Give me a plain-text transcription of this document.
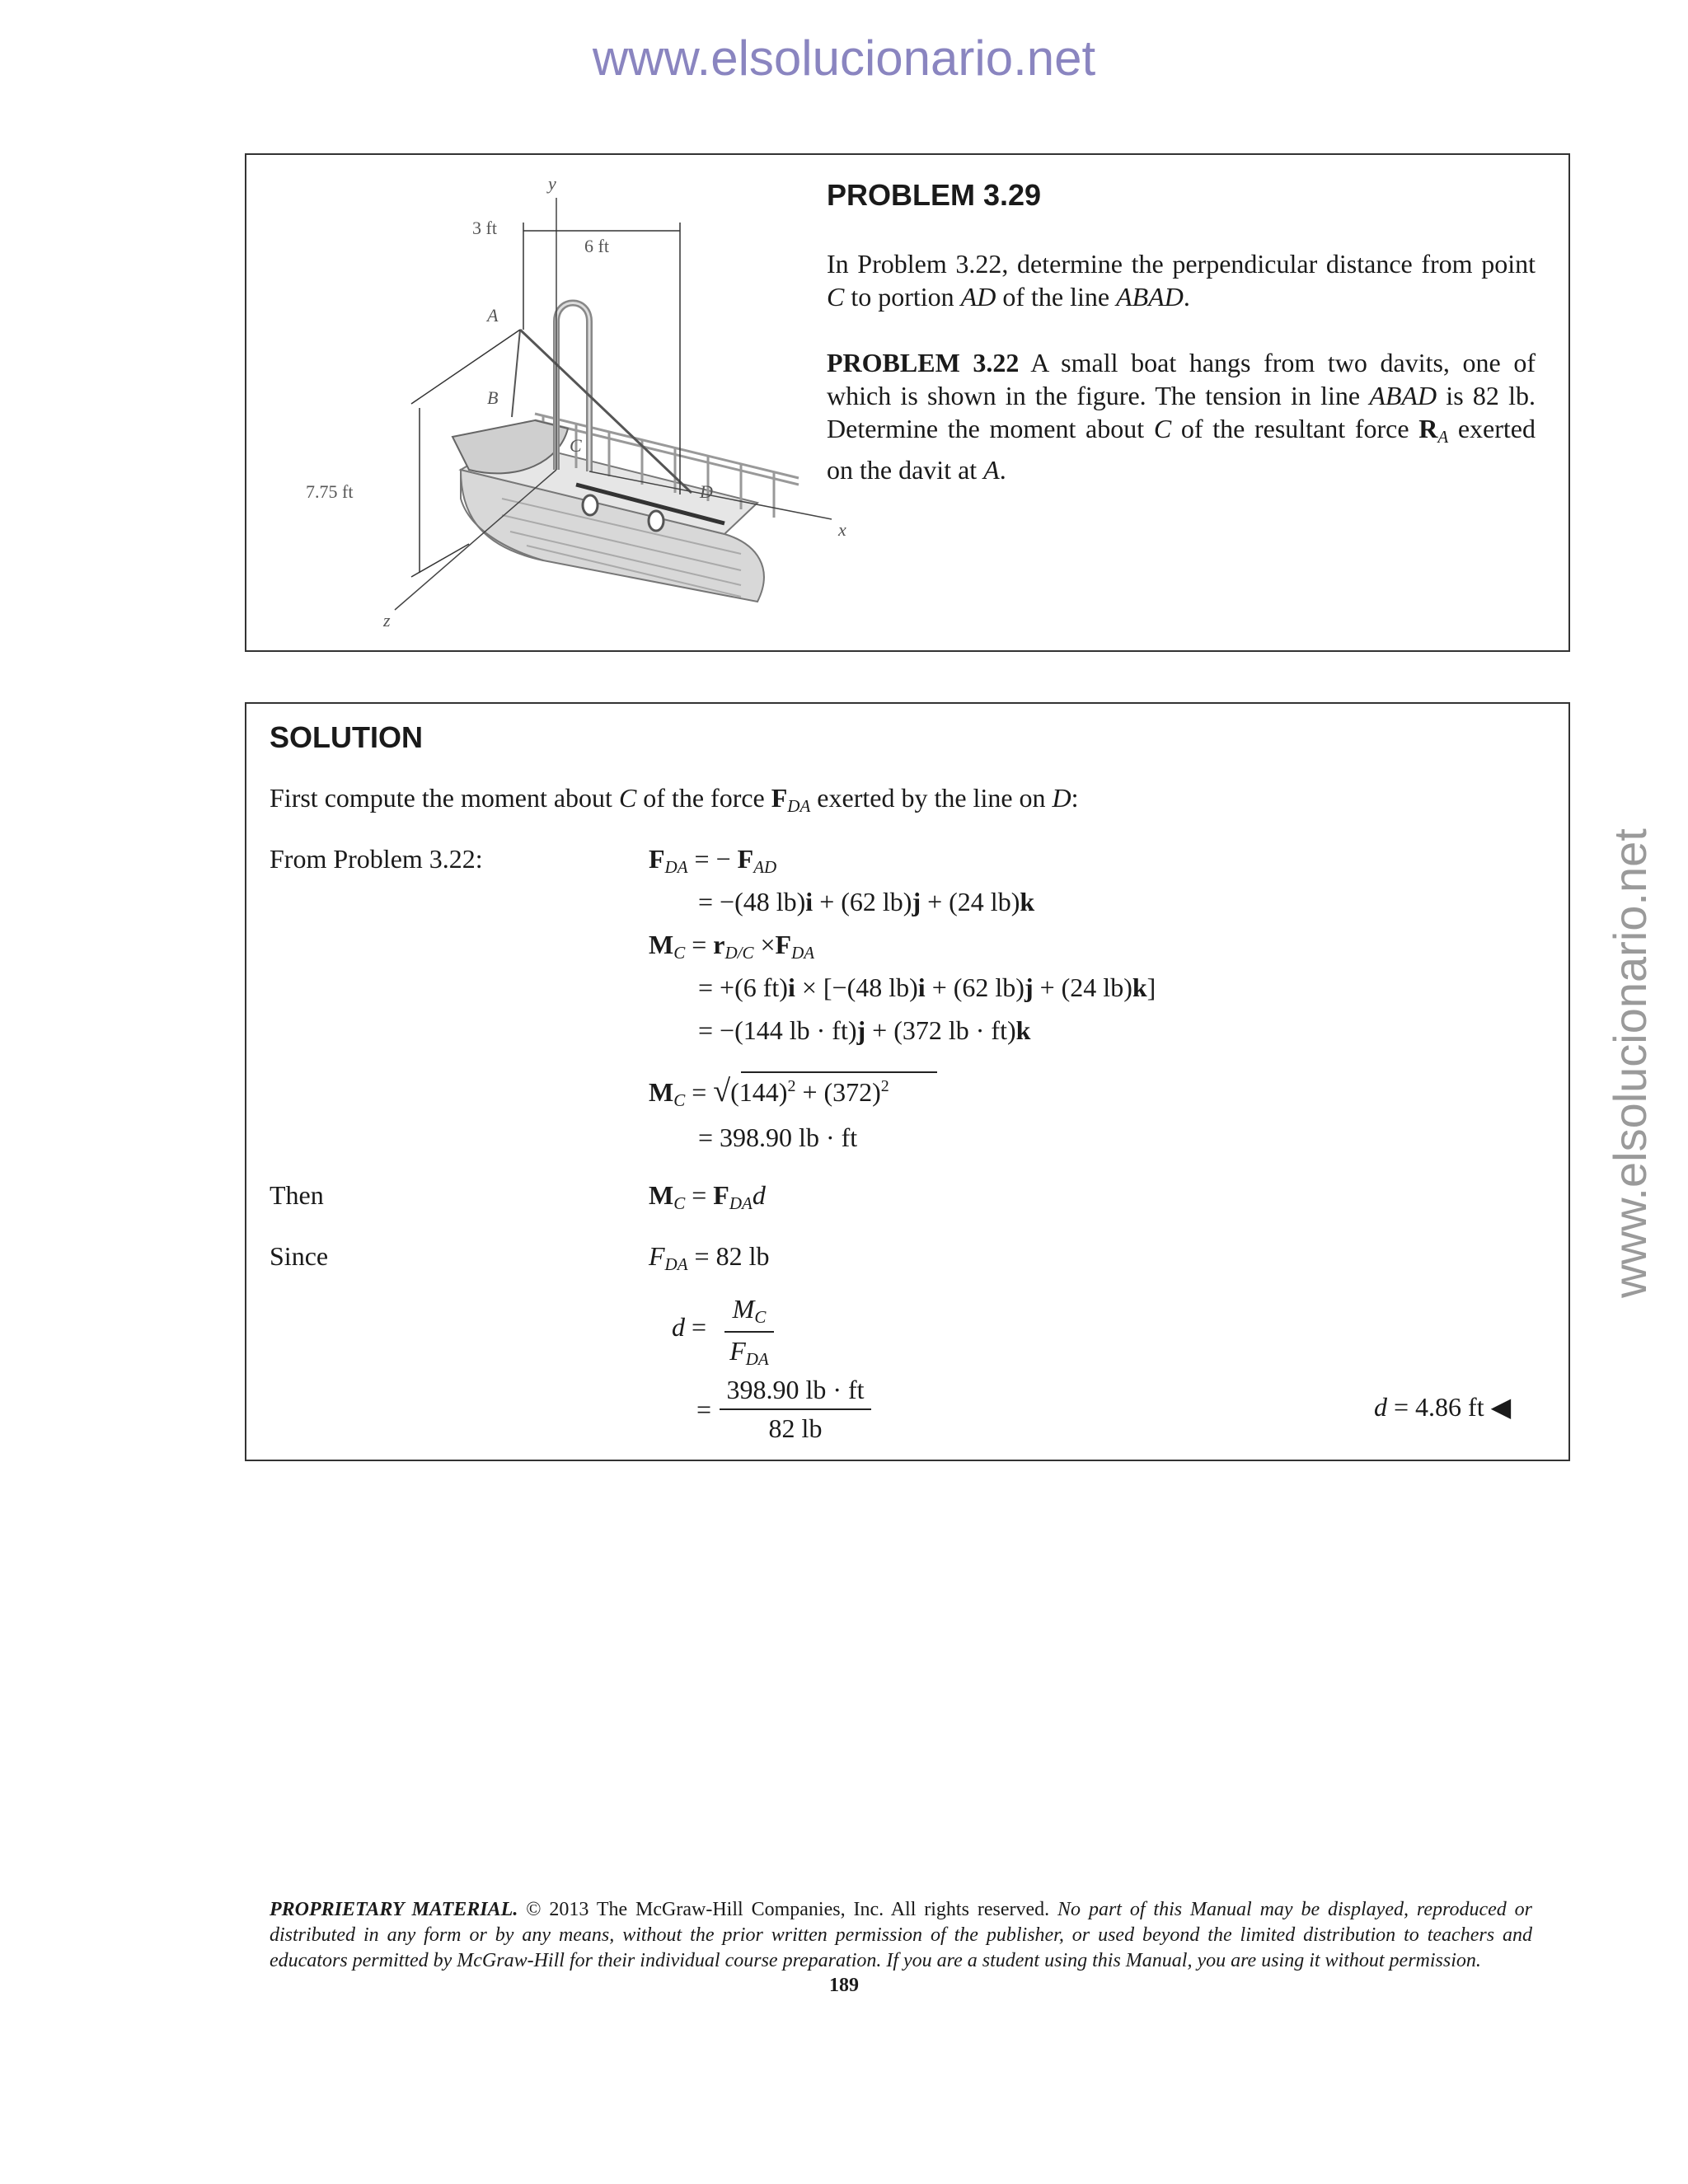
www.elsolucionario.net
www.elsolucionario.net
y
x
z
A
B
C
D
3 ft
6 ft
7.75 ft
PROBLEM 3.29

In Problem 3.22, determine the perpendicular distance from point C to portion AD of the line ABAD.

PROBLEM 3.22 A small boat hangs from two davits, one of which is shown in the figure. The tension in line ABAD is 82 lb. Determine the moment about C of the resultant force $R_A$ exerted on the davit at A.

SOLUTION
First compute the moment about C of the force $F_{DA}$ exerted by the line on D:
From Problem 3.22:	$F_{DA}$ = − $F_{AD}$
= −(48 lb)i + (62 lb)j + (24 lb)k
$M_C = r_{D/C} \times F_{DA}$
= +(6 ft)i × [−(48 lb)i + (62 lb)j + (24 lb)k]
= −(144 lb · ft)j + (372 lb · ft)k
$M_C = √(144)^2 + (372)^2$
= 398.90 lb · ft
Then	$M_C = F_{DA}d$
Since	$F_{DA} = 82$ lb
d =
$M_C$
$F_{DA}$
= $\frac{398.90 lb \cdot ft}{82 lb}$	d = 4.86 ft ◀
PROPRIETARY MATERIAL. © 2013 The McGraw-Hill Companies, Inc. All rights reserved. No part of this Manual may be displayed, reproduced or distributed in any form or by any means, without the prior written permission of the publisher, or used beyond the limited distribution to teachers and educators permitted by McGraw-Hill for their individual course preparation. If you are a student using this Manual, you are using it without permission.
189
